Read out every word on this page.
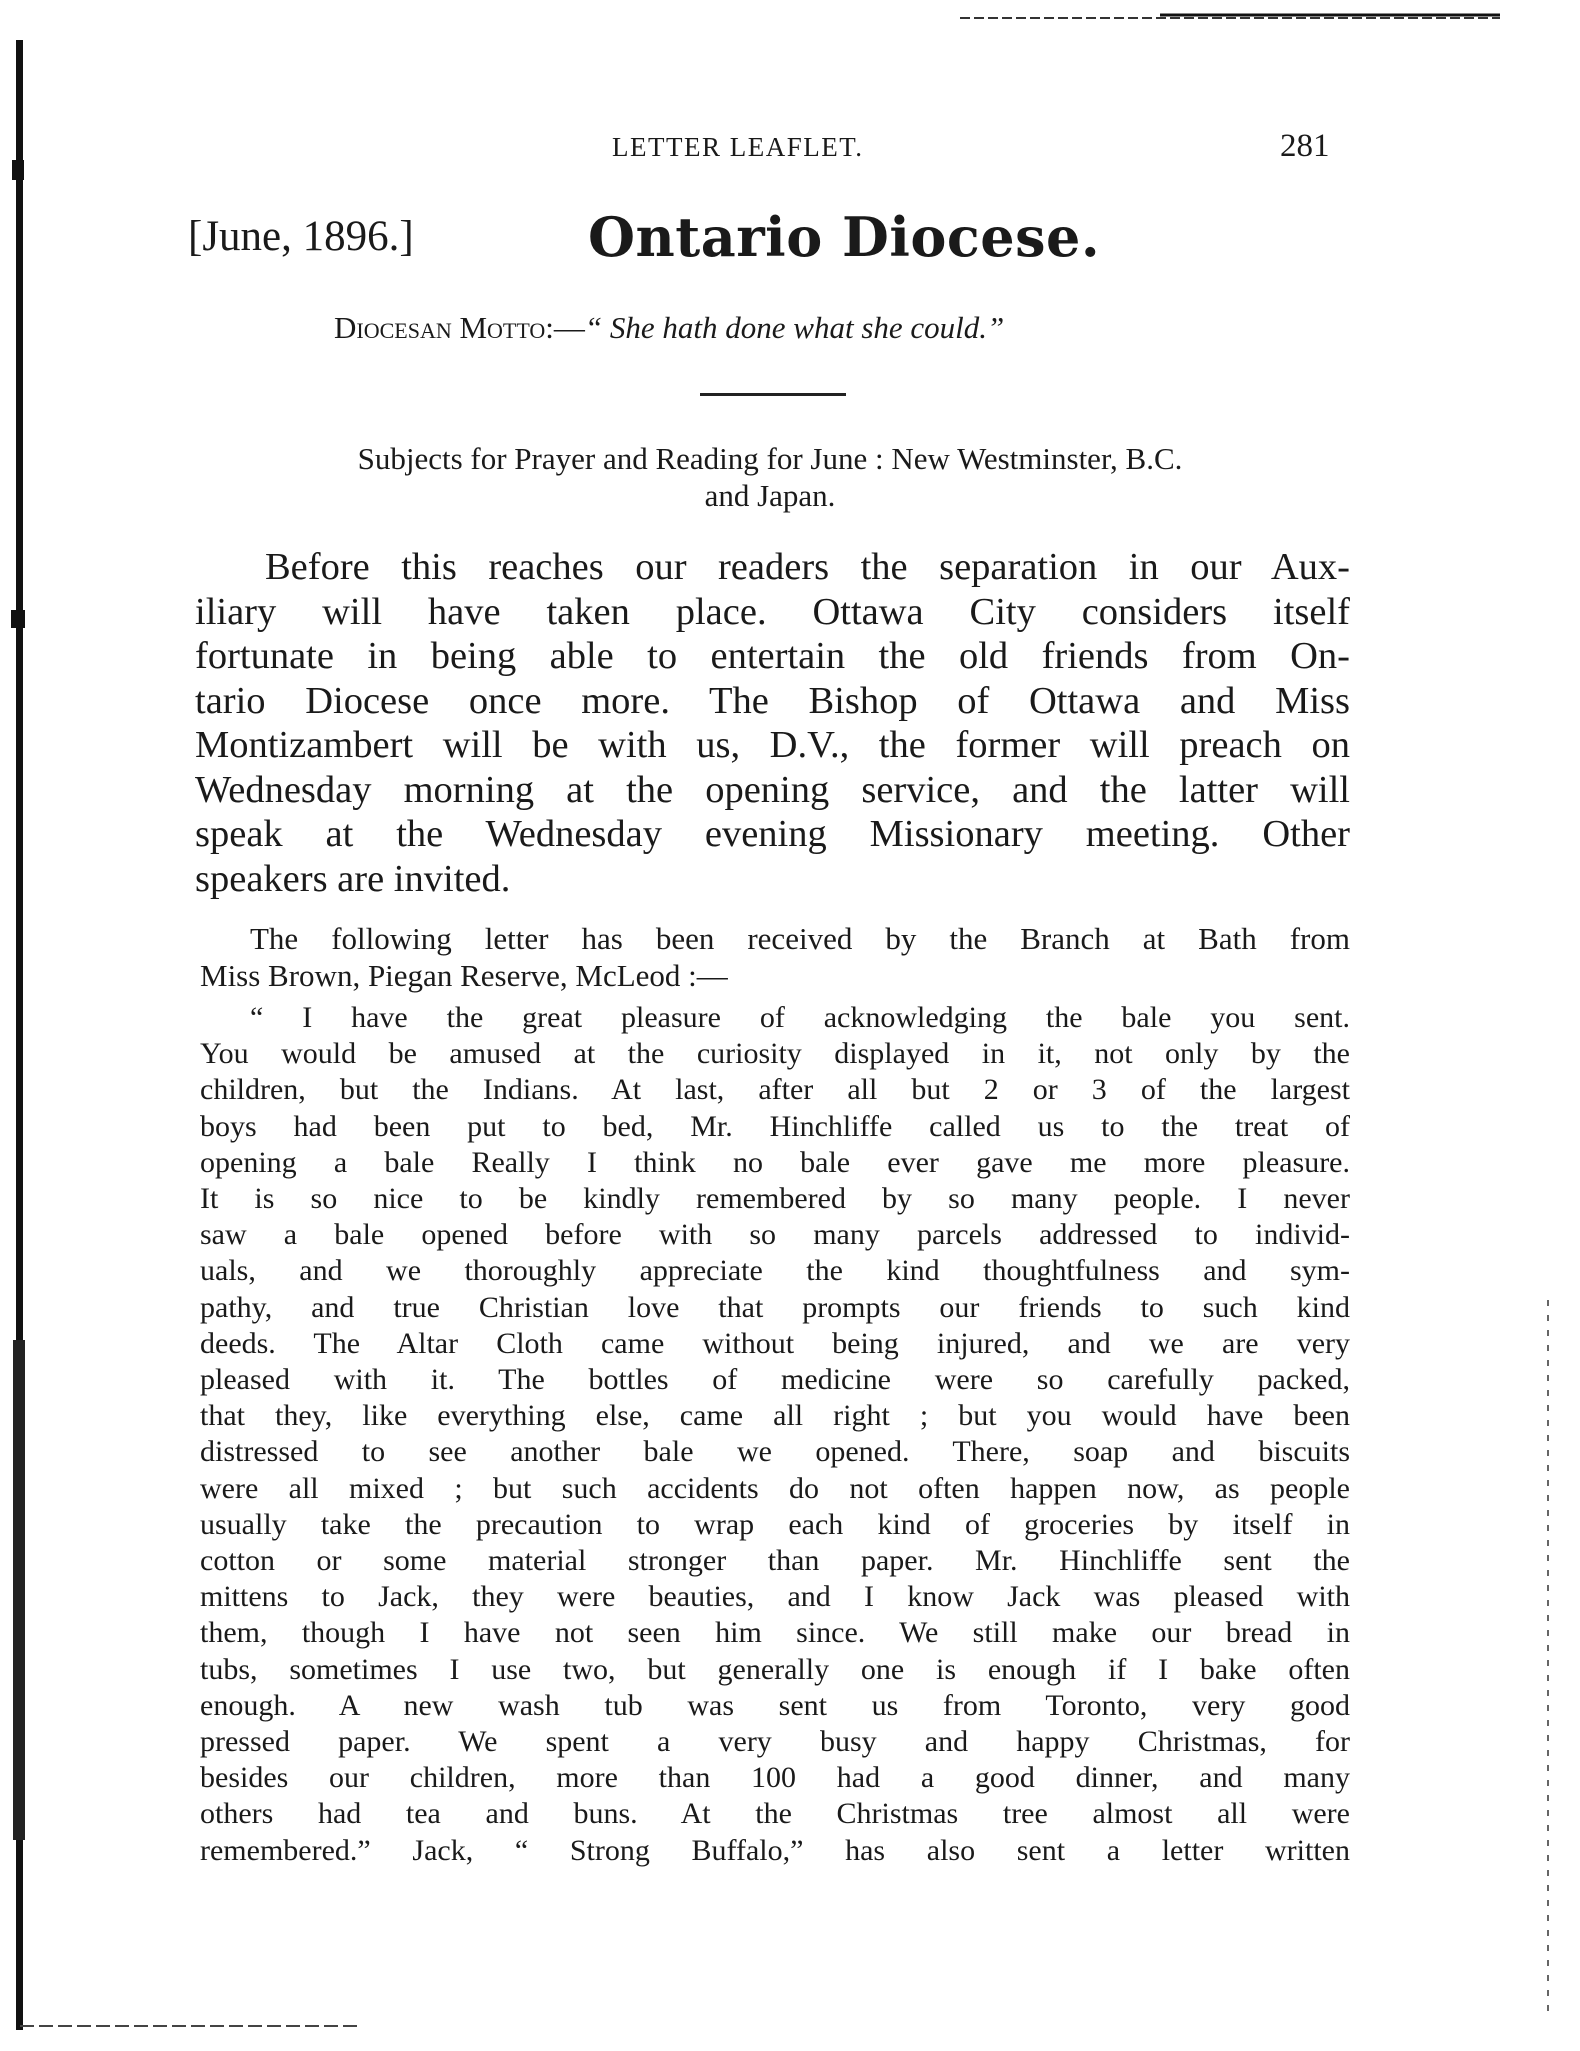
LETTER LEAFLET.	281
[June, 1896.]	Ontario Diocese.
Diocesan Motto:—“ She hath done what she could.”
Subjects for Prayer and Reading for June : New Westminster, B.C.
and Japan.
Before this reaches our readers the separation in our Aux-
iliary will have taken place. Ottawa City considers itself
fortunate in being able to entertain the old friends from On-
tario Diocese once more. The Bishop of Ottawa and Miss
Montizambert will be with us, D.V., the former will preach on
Wednesday morning at the opening service, and the latter will
speak at the Wednesday evening Missionary meeting. Other
speakers are invited.
The following letter has been received by the Branch at Bath from
Miss Brown, Piegan Reserve, McLeod :—
“ I have the great pleasure of acknowledging the bale you sent.
You would be amused at the curiosity displayed in it, not only by the
children, but the Indians. At last, after all but 2 or 3 of the largest
boys had been put to bed, Mr. Hinchliffe called us to the treat of
opening a bale Really I think no bale ever gave me more pleasure.
It is so nice to be kindly remembered by so many people. I never
saw a bale opened before with so many parcels addressed to individ-
uals, and we thoroughly appreciate the kind thoughtfulness and sym-
pathy, and true Christian love that prompts our friends to such kind
deeds. The Altar Cloth came without being injured, and we are very
pleased with it. The bottles of medicine were so carefully packed,
that they, like everything else, came all right ; but you would have been
distressed to see another bale we opened. There, soap and biscuits
were all mixed ; but such accidents do not often happen now, as people
usually take the precaution to wrap each kind of groceries by itself in
cotton or some material stronger than paper. Mr. Hinchliffe sent the
mittens to Jack, they were beauties, and I know Jack was pleased with
them, though I have not seen him since. We still make our bread in
tubs, sometimes I use two, but generally one is enough if I bake often
enough. A new wash tub was sent us from Toronto, very good
pressed paper. We spent a very busy and happy Christmas, for
besides our children, more than 100 had a good dinner, and many
others had tea and buns. At the Christmas tree almost all were
remembered.” Jack, “ Strong Buffalo,” has also sent a letter written
